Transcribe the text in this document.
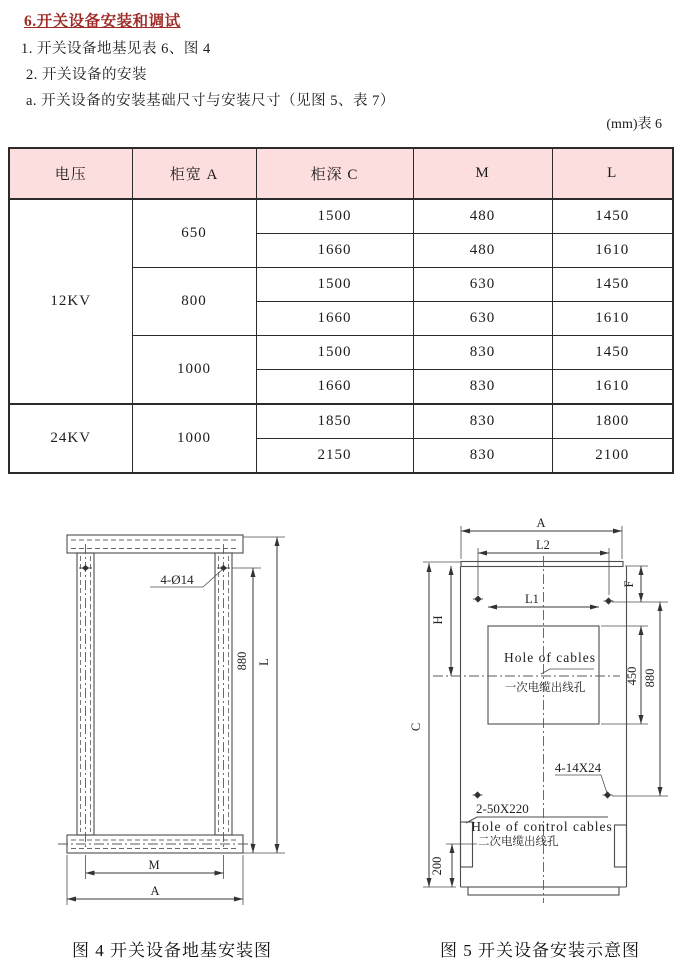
6.开关设备安装和调试
1. 开关设备地基见表 6、图 4
2. 开关设备的安装
a. 开关设备的安装基础尺寸与安装尺寸（见图 5、表 7）
(mm)表 6
电压	柜宽 A	柜深 C	M	L
12KV	650	1500	480	1450
		1660	480	1610
	800	1500	630	1450
		1660	630	1610
	1000	1500	830	1450
		1660	830	1610
24KV	1000	1850	830	1800
		2150	830	2100
4-Ø14
880 L
M
A
A
L2
L1
H
C
F
450 880
200
4-14X24
2-50X220
Hole of cables
一次电缆出线孔
Hole of control cables
二次电缆出线孔
图 4 开关设备地基安装图	图 5 开关设备安装示意图
